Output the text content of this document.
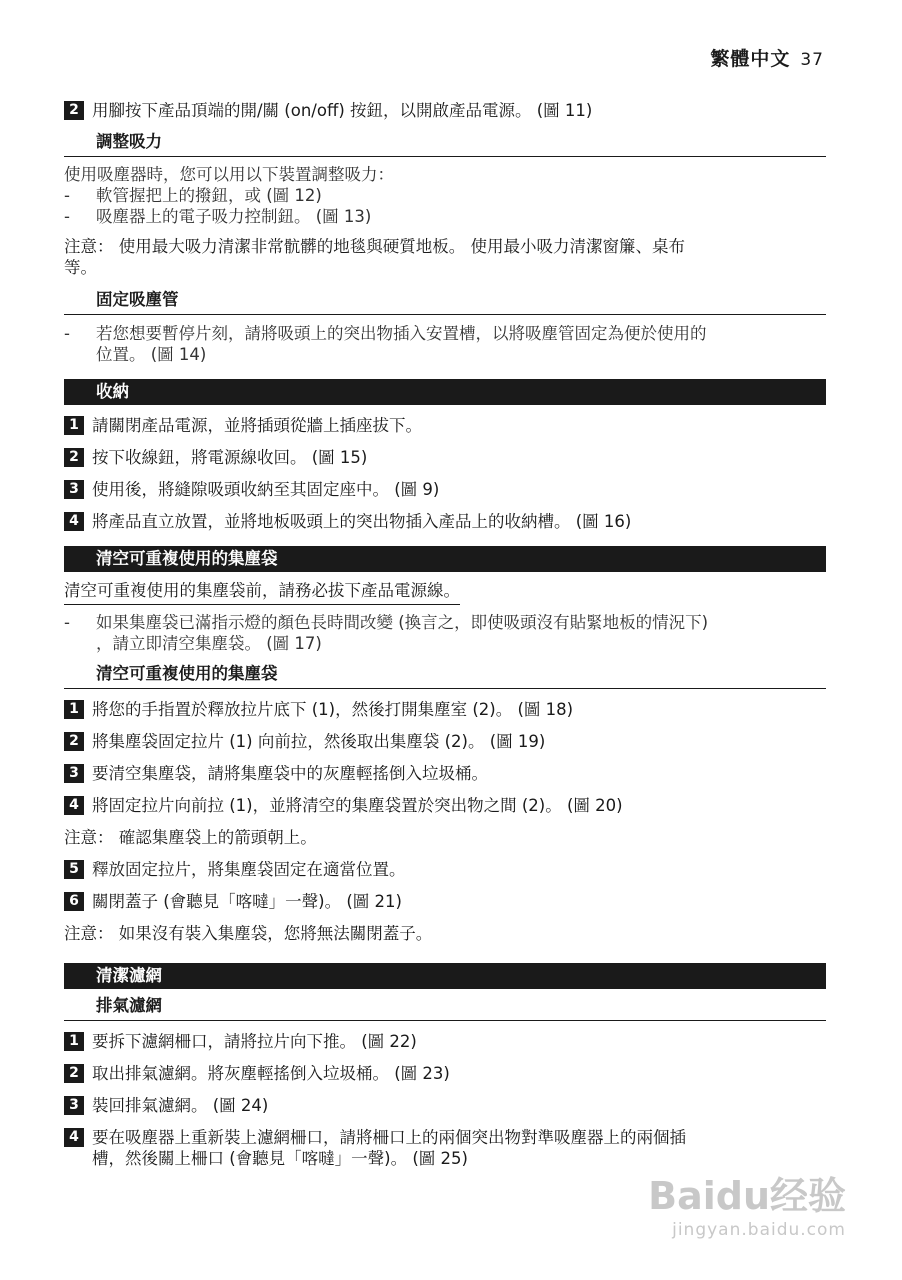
繁體中文 37
2 用腳按下產品頂端的開/關 (on/off) 按鈕，以開啟產品電源。 (圖 11)
調整吸力
使用吸塵器時，您可以用以下裝置調整吸力：
-	軟管握把上的撥鈕，或 (圖 12)
-	吸塵器上的電子吸力控制鈕。 (圖 13)
注意： 使用最大吸力清潔非常骯髒的地毯與硬質地板。 使用最小吸力清潔窗簾、桌布
等。
固定吸塵管
-	若您想要暫停片刻，請將吸頭上的突出物插入安置槽，以將吸塵管固定為便於使用的
位置。 (圖 14)
收納
1 請關閉產品電源，並將插頭從牆上插座拔下。
2 按下收線鈕，將電源線收回。 (圖 15)
3 使用後，將縫隙吸頭收納至其固定座中。 (圖 9)
4 將產品直立放置，並將地板吸頭上的突出物插入產品上的收納槽。 (圖 16)
清空可重複使用的集塵袋
清空可重複使用的集塵袋前，請務必拔下產品電源線。
-	如果集塵袋已滿指示燈的顏色長時間改變 (換言之，即使吸頭沒有貼緊地板的情況下)
，請立即清空集塵袋。 (圖 17)
清空可重複使用的集塵袋
1 將您的手指置於釋放拉片底下 (1)，然後打開集塵室 (2)。 (圖 18)
2 將集塵袋固定拉片 (1) 向前拉，然後取出集塵袋 (2)。 (圖 19)
3 要清空集塵袋，請將集塵袋中的灰塵輕搖倒入垃圾桶。
4 將固定拉片向前拉 (1)，並將清空的集塵袋置於突出物之間 (2)。 (圖 20)
注意： 確認集塵袋上的箭頭朝上。
5 釋放固定拉片，將集塵袋固定在適當位置。
6 關閉蓋子 (會聽見「喀噠」一聲)。 (圖 21)
注意： 如果沒有裝入集塵袋，您將無法關閉蓋子。
清潔濾網
排氣濾網
1 要拆下濾網柵口，請將拉片向下推。 (圖 22)
2 取出排氣濾網。將灰塵輕搖倒入垃圾桶。 (圖 23)
3 裝回排氣濾網。 (圖 24)
4 要在吸塵器上重新裝上濾網柵口，請將柵口上的兩個突出物對準吸塵器上的兩個插
槽，然後關上柵口 (會聽見「喀噠」一聲)。 (圖 25)
Baidu经验
jingyan.baidu.com
